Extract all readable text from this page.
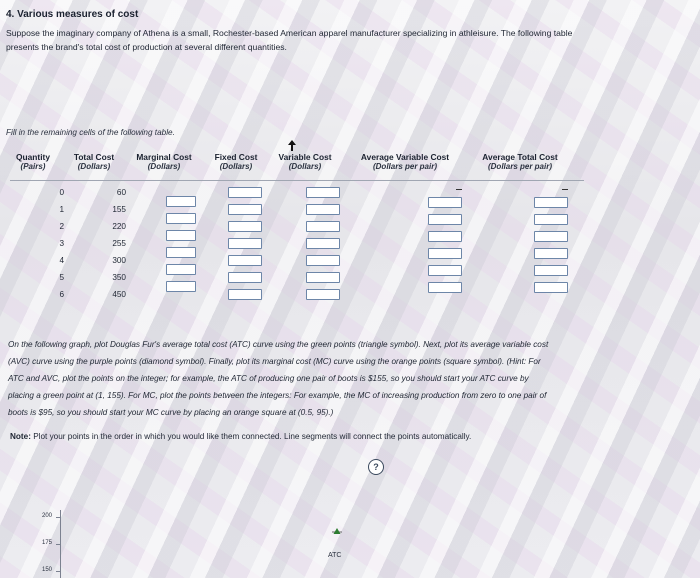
4. Various measures of cost
Suppose the imaginary company of Athena is a small, Rochester-based American apparel manufacturer specializing in athleisure. The following table
presents the brand's total cost of production at several different quantities.
Fill in the remaining cells of the following table.
Quantity
(Pairs)
Total Cost
(Dollars)
Marginal Cost
(Dollars)
Fixed Cost
(Dollars)
Variable Cost
(Dollars)
Average Variable Cost
(Dollars per pair)
Average Total Cost
(Dollars per pair)
0
1
2
3
4
5
6
60
155
220
255
300
350
450
On the following graph, plot Douglas Fur's average total cost (ATC) curve using the green points (triangle symbol). Next, plot its average variable cost
(AVC) curve using the purple points (diamond symbol). Finally, plot its marginal cost (MC) curve using the orange points (square symbol). (Hint: For
ATC and AVC, plot the points on the integer; for example, the ATC of producing one pair of boots is $155, so you should start your ATC curve by
placing a green point at (1, 155). For MC, plot the points between the integers: For example, the MC of increasing production from zero to one pair of
boots is $95, so you should start your MC curve by placing an orange square at (0.5, 95).)
Note: Plot your points in the order in which you would like them connected. Line segments will connect the points automatically.
?
200
175
150
ATC
